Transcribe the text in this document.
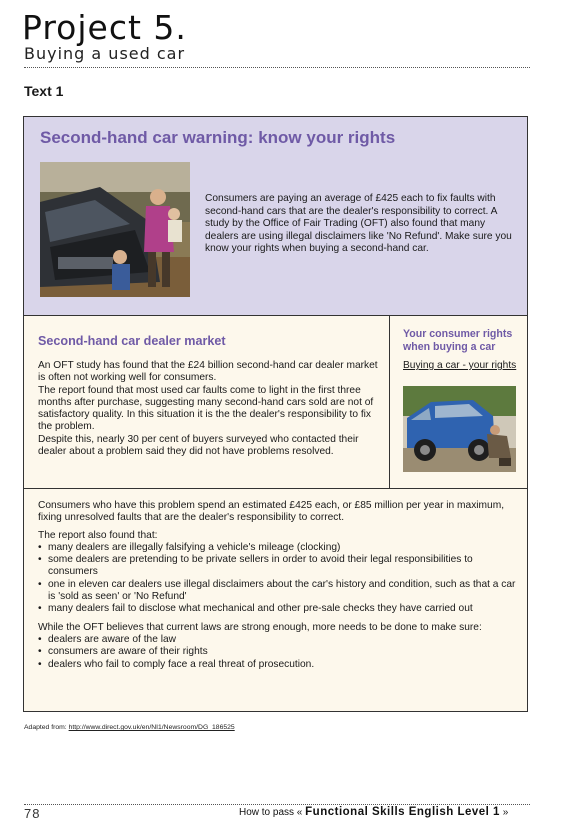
Project 5.
Buying a used car
Text 1
Second-hand car warning: know your rights
Consumers are paying an average of £425 each to fix faults with second-hand cars that are the dealer's responsibility to correct. A study by the Office of Fair Trading (OFT) also found that many dealers are using illegal disclaimers like 'No Refund'. Make sure you know your rights when buying a second-hand car.
Second-hand car dealer market

An OFT study has found that the £24 billion second-hand car dealer market is often not working well for consumers.

The report found that most used car faults come to light in the first three months after purchase, suggesting many second-hand cars sold are not of satisfactory quality. In this situation it is the the dealer's responsibility to fix the problem.

Despite this, nearly 30 per cent of buyers surveyed who contacted their dealer about a problem said they did not have problems resolved.

Your consumer rights when buying a car
Buying a car - your rights

Consumers who have this problem spend an estimated £425 each, or £85 million per year in maximum, fixing unresolved faults that are the dealer's responsibility to correct.

The report also found that:
• many dealers are illegally falsifying a vehicle's mileage (clocking)
• some dealers are pretending to be private sellers in order to avoid their legal responsibilities to consumers
• one in eleven car dealers use illegal disclaimers about the car's history and condition, such as that a car is 'sold as seen' or 'No Refund'
• many dealers fail to disclose what mechanical and other pre-sale checks they have carried out
While the OFT believes that current laws are strong enough, more needs to be done to make sure:
• dealers are aware of the law
• consumers are aware of their rights
• dealers who fail to comply face a real threat of prosecution.
Adapted from: http://www.direct.gov.uk/en/NI1/Newsroom/DG_186525
78	How to pass « Functional Skills English Level 1 »
